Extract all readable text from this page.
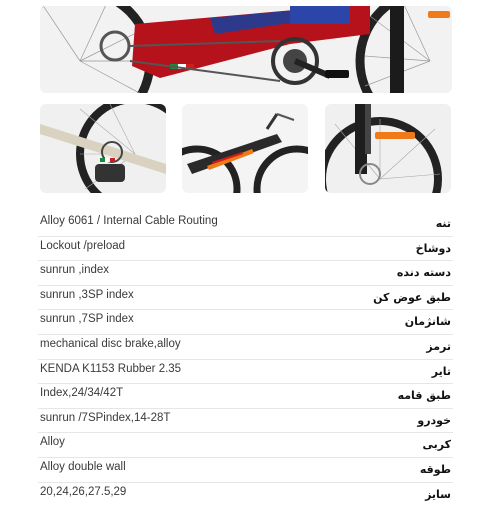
Alloy 6061 / Internal Cable Routing	تنه
Lockout /preload	دوشاخ
sunrun ,index	دسته دنده
sunrun ,3SP index	طبق عوض کن
sunrun ,7SP index	شانژمان
mechanical disc brake,alloy	ترمز
KENDA K1153 Rubber 2.35	تایر
Index,24/34/42T	طبق قامه
sunrun /7SPindex,14-28T	خودرو
Alloy	کربی
Alloy double wall	طوقه
20,24,26,27.5,29	سایز
